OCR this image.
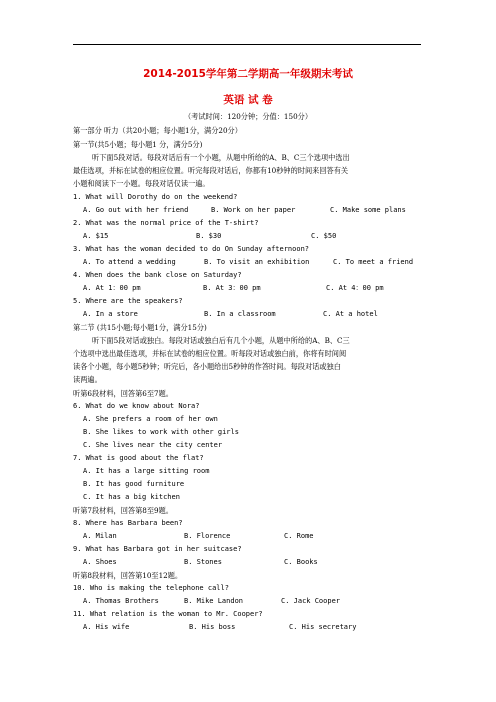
2014-2015学年第二学期高一年级期末考试
英语 试 卷
（考试时间：120分钟；分值：150分）
第一部分 听力（共20小题；每小题1分，满分20分）
第一节(共5小题；每小题1 分，满分5分)
听下面5段对话。每段对话后有一个小题，从题中所给的A、B、C三个选项中选出
最佳选项，并标在试卷的相应位置。听完每段对话后，你都有10秒钟的时间来回答有关
小题和阅读下一小题。每段对话仅读一遍。
1. What will Dorothy do on the weekend?
A. Go out with her friend	B. Work on her paper	C. Make some plans
2. What was the normal price of the T-shirt?
A. $15	B. $30	C. $50
3. What has the woman decided to do On Sunday afternoon?
A. To attend a wedding	B. To visit an exhibition	C. To meet a friend
4. When does the bank close on Saturday?
A. At 1：00 pm	B. At 3：00 pm	C. At 4：00 pm
5. Where are the speakers?
A. In a store	B. In a classroom	C. At a hotel
第二节 (共15小题;每小题1分，满分15分)
听下面5段对话或独白。每段对话或独白后有几个小题，从题中所给的A、B、C三
个选项中选出最佳选项，并标在试卷的相应位置。听每段对话或独白前，你将有时间阅
读各个小题，每小题5秒钟；听完后，各小题给出5秒钟的作答时间。每段对话或独白
读两遍。
听第6段材料，回答第6至7题。
6. What do we know about Nora?
A. She prefers a room of her own
B. She likes to work with other girls
C. She lives near the city center
7. What is good about the flat?
A. It has a large sitting room
B. It has good furniture
C. It has a big kitchen
听第7段材料，回答第8至9题。
8. Where has Barbara been?
A. Milan	B. Florence	C. Rome
9. What has Barbara got in her suitcase?
A. Shoes	B. Stones	C. Books
听第8段材料，回答第10至12题。
10. Who is making the telephone call?
A. Thomas Brothers	B. Mike Landon	C. Jack Cooper
11. What relation is the woman to Mr. Cooper?
A. His wife	B. His boss	C. His secretary
